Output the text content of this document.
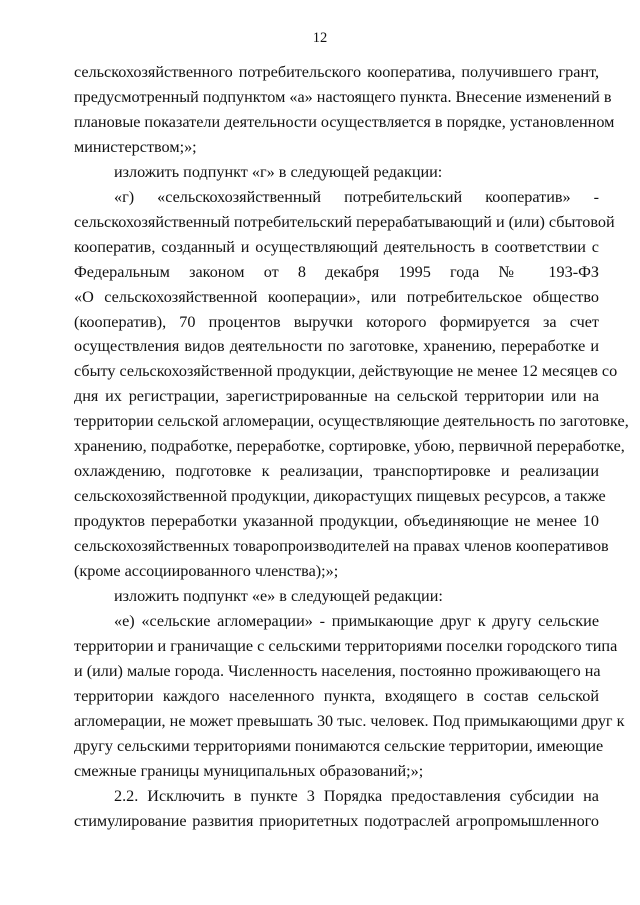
12
сельскохозяйственного потребительского кооператива, получившего грант,
предусмотренный подпунктом «а» настоящего пункта. Внесение изменений в
плановые показатели деятельности осуществляется в порядке, установленном
министерством;»;
изложить подпункт «г» в следующей редакции:
«г) «сельскохозяйственный потребительский кооператив» -
сельскохозяйственный потребительский перерабатывающий и (или) сбытовой
кооператив, созданный и осуществляющий деятельность в соответствии с
Федеральным законом от 8 декабря 1995 года № 193-ФЗ
«О сельскохозяйственной кооперации», или потребительское общество
(кооператив), 70 процентов выручки которого формируется за счет
осуществления видов деятельности по заготовке, хранению, переработке и
сбыту сельскохозяйственной продукции, действующие не менее 12 месяцев со
дня их регистрации, зарегистрированные на сельской территории или на
территории сельской агломерации, осуществляющие деятельность по заготовке,
хранению, подработке, переработке, сортировке, убою, первичной переработке,
охлаждению, подготовке к реализации, транспортировке и реализации
сельскохозяйственной продукции, дикорастущих пищевых ресурсов, а также
продуктов переработки указанной продукции, объединяющие не менее 10
сельскохозяйственных товаропроизводителей на правах членов кооперативов
(кроме ассоциированного членства);»;
изложить подпункт «е» в следующей редакции:
«е) «сельские агломерации» - примыкающие друг к другу сельские
территории и граничащие с сельскими территориями поселки городского типа
и (или) малые города. Численность населения, постоянно проживающего на
территории каждого населенного пункта, входящего в состав сельской
агломерации, не может превышать 30 тыс. человек. Под примыкающими друг к
другу сельскими территориями понимаются сельские территории, имеющие
смежные границы муниципальных образований;»;
2.2. Исключить в пункте 3 Порядка предоставления субсидии на
стимулирование развития приоритетных подотраслей агропромышленного
